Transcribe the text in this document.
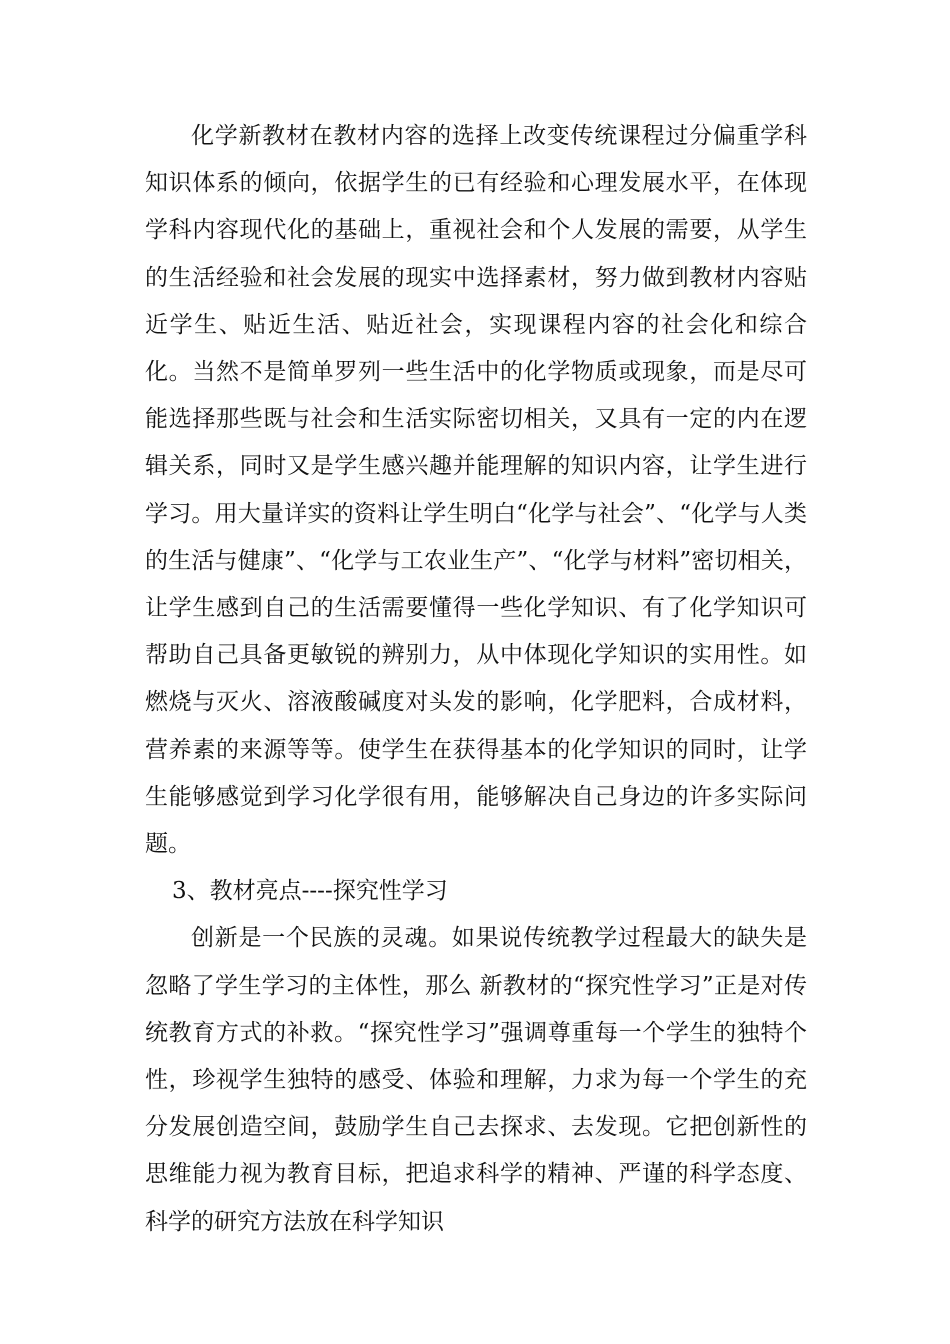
化学新教材在教材内容的选择上改变传统课程过分偏重学科知识体系的倾向，依据学生的已有经验和心理发展水平，在体现学科内容现代化的基础上，重视社会和个人发展的需要，从学生的生活经验和社会发展的现实中选择素材，努力做到教材内容贴近学生、贴近生活、贴近社会，实现课程内容的社会化和综合化。当然不是简单罗列一些生活中的化学物质或现象，而是尽可能选择那些既与社会和生活实际密切相关，又具有一定的内在逻辑关系，同时又是学生感兴趣并能理解的知识内容，让学生进行学习。用大量详实的资料让学生明白“化学与社会”、“化学与人类的生活与健康”、“化学与工农业生产”、“化学与材料”密切相关，让学生感到自己的生活需要懂得一些化学知识、有了化学知识可帮助自己具备更敏锐的辨别力，从中体现化学知识的实用性。如燃烧与灭火、溶液酸碱度对头发的影响，化学肥料，合成材料，营养素的来源等等。使学生在获得基本的化学知识的同时，让学生能够感觉到学习化学很有用，能够解决自己身边的许多实际问题。

3、教材亮点----探究性学习

创新是一个民族的灵魂。如果说传统教学过程最大的缺失是忽略了学生学习的主体性，那么 新教材的“探究性学习”正是对传统教育方式的补救。“探究性学习”强调尊重每一个学生的独特个性，珍视学生独特的感受、体验和理解，力求为每一个学生的充分发展创造空间，鼓励学生自己去探求、去发现。它把创新性的思维能力视为教育目标，把追求科学的精神、严谨的科学态度、科学的研究方法放在科学知识
